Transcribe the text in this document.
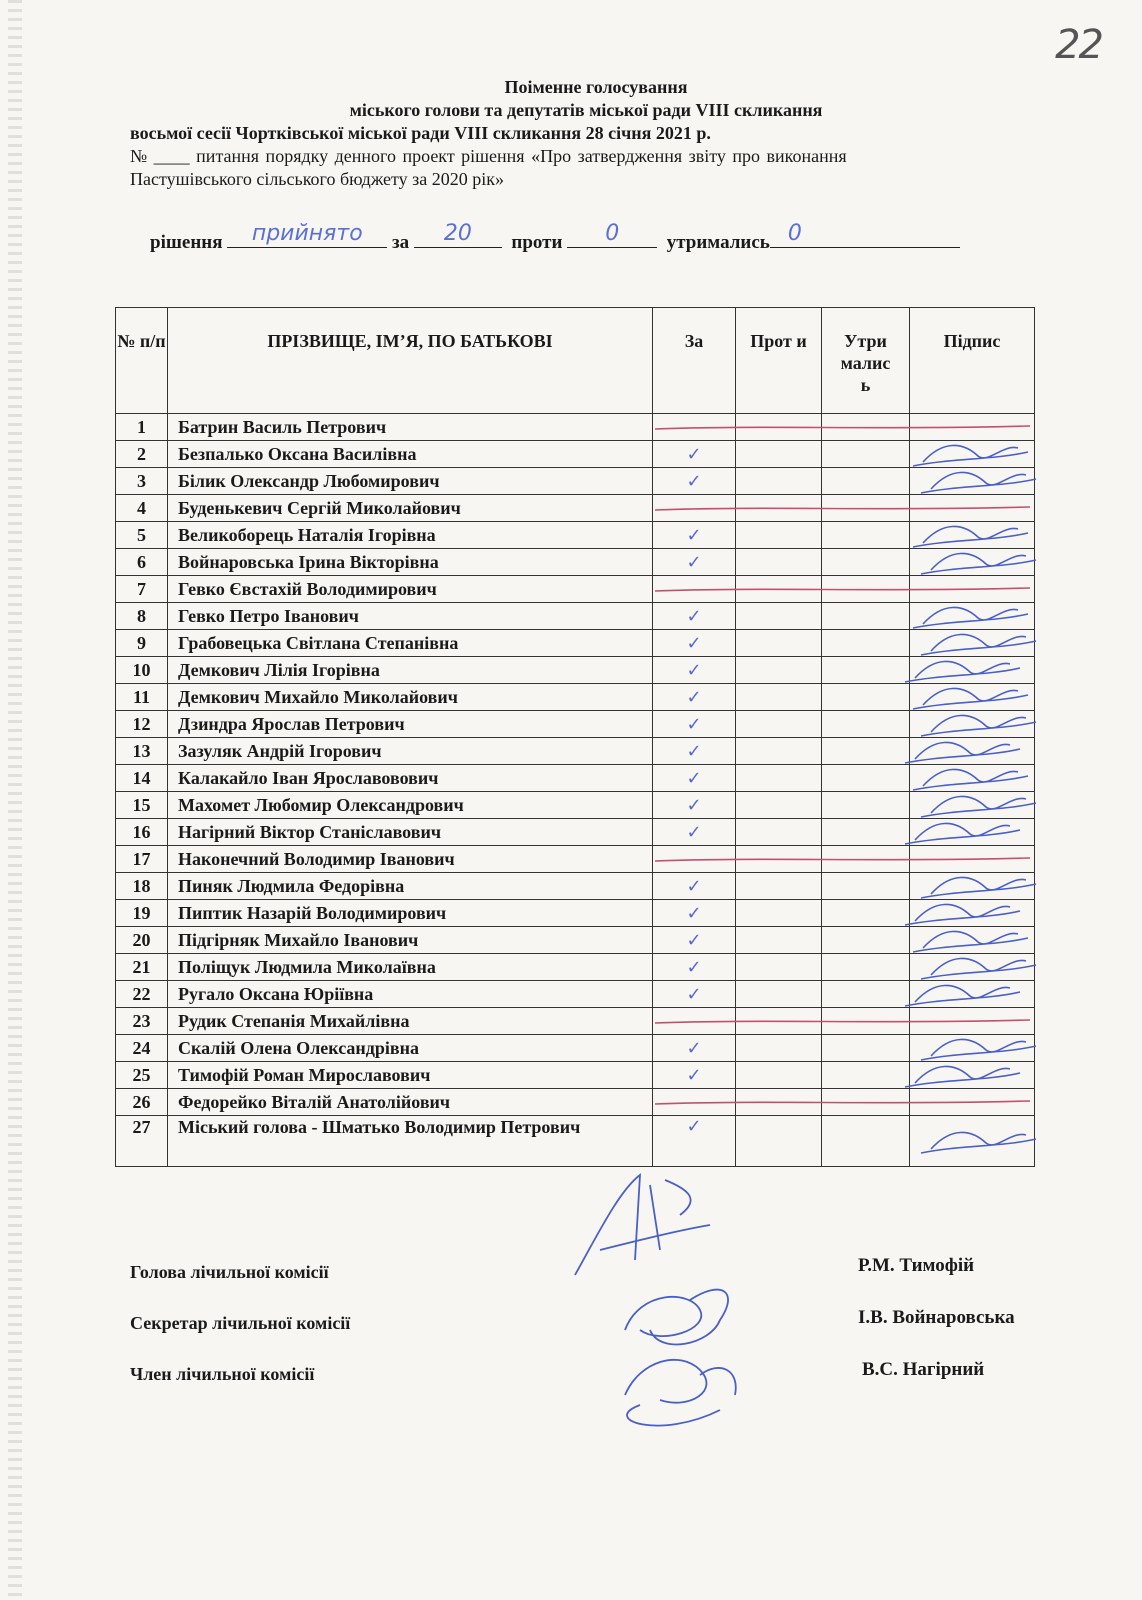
22
Поіменне голосування
міського голови та депутатів міської ради VIII скликання
восьмої сесії Чортківської міської ради VIII скликання 28 січня 2021 р.
№ ____ питання порядку денного проект рішення «Про затвердження звіту про виконання
Пастушівського сільського бюджету за 2020 рік»
рішення	прийнято	за	20	проти	0	утримались 0
№ п/п	ПРІЗВИЩЕ, ІМ’Я, ПО БАТЬКОВІ	За	Прот и	Утри малис ь	Підпис
1	Батрин Василь Петрович				
2	Безпалько Оксана Василівна	✓			
3	Білик Олександр Любомирович	✓			
4	Буденькевич Сергій Миколайович				
5	Великоборець Наталія Ігорівна	✓			
6	Войнаровська Ірина Вікторівна	✓			
7	Гевко Євстахій Володимирович				
8	Гевко Петро Іванович	✓			
9	Грабовецька Світлана Степанівна	✓			
10	Демкович Лілія Ігорівна	✓			
11	Демкович Михайло Миколайович	✓			
12	Дзиндра Ярослав Петрович	✓			
13	Зазуляк Андрій Ігорович	✓			
14	Калакайло Іван Ярославовович	✓			
15	Махомет Любомир Олександрович	✓			
16	Нагірний Віктор Станіславович	✓			
17	Наконечний Володимир Іванович				
18	Пиняк Людмила Федорівна	✓			
19	Пиптик Назарій Володимирович	✓			
20	Підгірняк Михайло Іванович	✓			
21	Поліщук Людмила Миколаївна	✓			
22	Ругало Оксана Юріївна	✓			
23	Рудик Степанія Михайлівна				
24	Скалій Олена Олександрівна	✓			
25	Тимофій Роман Мирославович	✓			
26	Федорейко Віталій Анатолійович				
27	Міський голова - Шматько Володимир Петрович	✓			
Голова лічильної комісії	Р.М. Тимофій
Секретар лічильної комісії	І.В. Войнаровська
Член лічильної комісії	В.С. Нагірний
